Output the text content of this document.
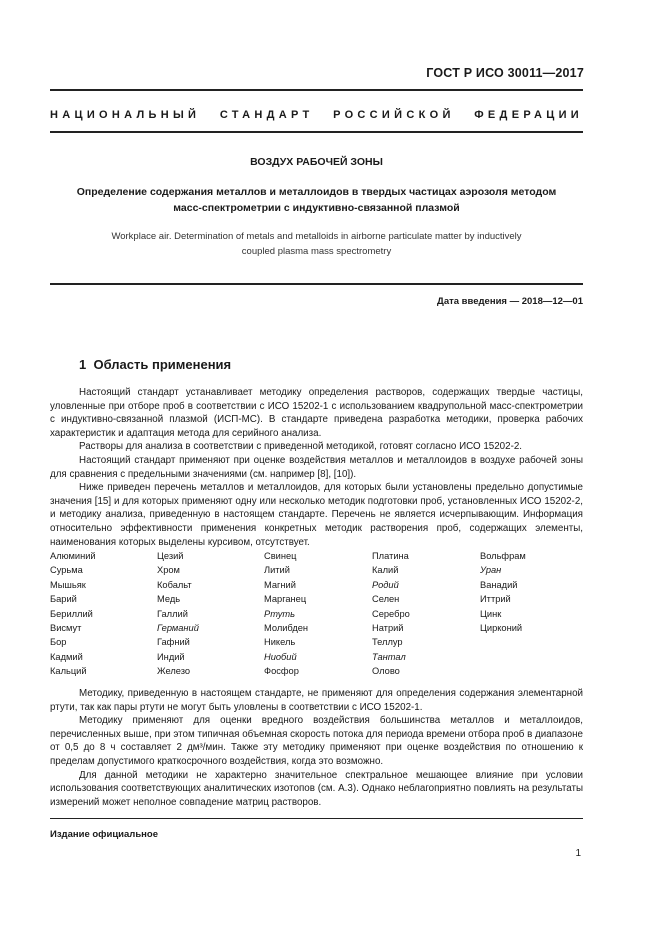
ГОСТ Р ИСО 30011—2017
НАЦИОНАЛЬНЫЙ СТАНДАРТ РОССИЙСКОЙ ФЕДЕРАЦИИ
ВОЗДУХ РАБОЧЕЙ ЗОНЫ
Определение содержания металлов и металлоидов в твердых частицах аэрозоля методом
масс-спектрометрии с индуктивно-связанной плазмой
Workplace air. Determination of metals and metalloids in airborne particulate matter by inductively
coupled plasma mass spectrometry
Дата введения — 2018—12—01
1 Область применения

Настоящий стандарт устанавливает методику определения растворов, содержащих твердые частицы, уловленные при отборе проб в соответствии с ИСО 15202-1 с использованием квадрупольной масс-спектрометрии с индуктивно-связанной плазмой (ИСП-МС). В стандарте приведена разработка методики, проверка рабочих характеристик и адаптация метода для серийного анализа.

Растворы для анализа в соответствии с приведенной методикой, готовят согласно ИСО 15202-2.

Настоящий стандарт применяют при оценке воздействия металлов и металлоидов в воздухе рабочей зоны для сравнения с предельными значениями (см. например [8], [10]).

Ниже приведен перечень металлов и металлоидов, для которых были установлены предельно допустимые значения [15] и для которых применяют одну или несколько методик подготовки проб, установленных ИСО 15202-2, и методику анализа, приведенную в настоящем стандарте. Перечень не является исчерпывающим. Информация относительно эффективности применения конкретных методик растворения проб, содержащих элементы, наименования которых выделены курсивом, отсутствует.

Алюминий
Сурьма
Мышьяк
Барий
Бериллий
Висмут
Бор
Кадмий
Кальций
Цезий
Хром
Кобальт
Медь
Галлий
Германий
Гафний
Индий
Железо
Свинец
Литий
Магний
Марганец
Ртуть
Молибден
Никель
Ниобий
Фосфор
Платина
Калий
Родий
Селен
Серебро
Натрий
Теллур
Тантал
Олово
Вольфрам
Уран
Ванадий
Иттрий
Цинк
Цирконий

Методику, приведенную в настоящем стандарте, не применяют для определения содержания элементарной ртути, так как пары ртути не могут быть уловлены в соответствии с ИСО 15202-1.

Методику применяют для оценки вредного воздействия большинства металлов и металлоидов, перечисленных выше, при этом типичная объемная скорость потока для периода времени отбора проб в диапазоне от 0,5 до 8 ч составляет 2 дм³/мин. Также эту методику применяют при оценке воздействия по отношению к пределам допустимого краткосрочного воздействия, когда это возможно.

Для данной методики не характерно значительное спектральное мешающее влияние при условии использования соответствующих аналитических изотопов (см. А.3). Однако неблагоприятно повлиять на результаты измерений может неполное совпадение матриц растворов.

Издание официальное
1
